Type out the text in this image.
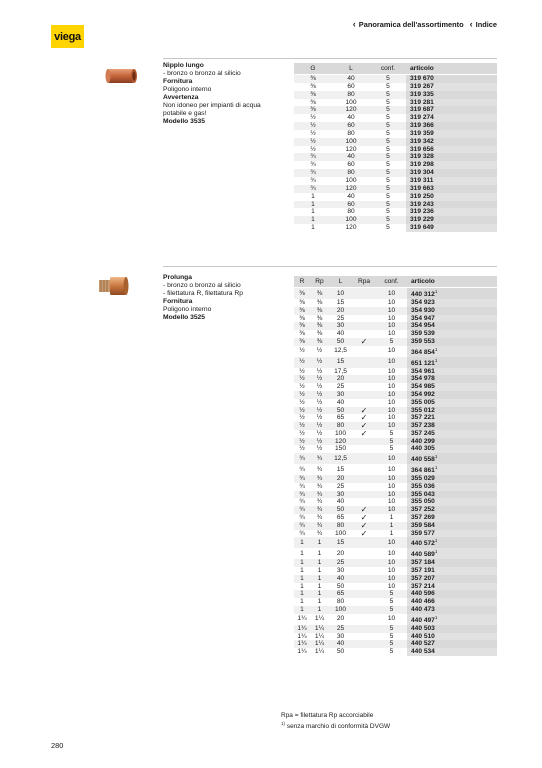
viega
‹ Panoramica dell'assortimento	‹ Indice
Nipplo lungo
- bronzo o bronzo al silicio
Fornitura
Poligono interno
Avvertenza
Non idoneo per impianti di acqua potabile e gas!
Modello 3535
G	L	conf.	articolo
⅜	40	5	319 670
⅜	60	5	319 267
⅜	80	5	319 335
⅜	100	5	319 281
⅜	120	5	319 687
½	40	5	319 274
½	60	5	319 366
½	80	5	319 359
½	100	5	319 342
½	120	5	319 656
¾	40	5	319 328
¾	60	5	319 298
¾	80	5	319 304
¾	100	5	319 311
¾	120	5	319 663
1	40	5	319 250
1	60	5	319 243
1	80	5	319 236
1	100	5	319 229
1	120	5	319 649
Prolunga
- bronzo o bronzo al silicio
- filettatura R, filettatura Rp
Fornitura
Poligono interno
Modello 3525
R	Rp	L	Rpa	conf.	articolo
⅜	⅜	10		10	440 $312^1$
⅜	⅜	15		10	354 923
⅜	⅜	20		10	354 930
⅜	⅜	25		10	354 947
⅜	⅜	30		10	354 954
⅜	⅜	40		10	359 539
⅜	⅜	50	✓	5	359 553
½	½	12,5		10	364 $854^1$
½	½	15		10	651 $121^1$
½	½	17,5		10	354 961
½	½	20		10	354 978
½	½	25		10	354 985
½	½	30		10	354 992
½	½	40		10	355 005
½	½	50	✓	10	355 012
½	½	65	✓	10	357 221
½	½	80	✓	10	357 238
½	½	100	✓	5	357 245
½	½	120		5	440 299
½	½	150		5	440 305
¾	¾	12,5		10	440 $558^1$
¾	¾	15		10	364 $861^1$
¾	¾	20		10	355 029
¾	¾	25		10	355 036
¾	¾	30		10	355 043
¾	¾	40		10	355 050
¾	¾	50	✓	10	357 252
¾	¾	65	✓	1	357 269
¾	¾	80	✓	1	359 584
¾	¾	100	✓	1	359 577
1	1	15		10	440 $572^1$
1	1	20		10	440 $589^1$
1	1	25		10	357 184
1	1	30		10	357 191
1	1	40		10	357 207
1	1	50		10	357 214
1	1	65		5	440 596
1	1	80		5	440 466
1	1	100		5	440 473
1¼	1¼	20		10	440 $497^1$
1¼	1¼	25		5	440 503
1¼	1¼	30		5	440 510
1¼	1¼	40		5	440 527
1¼	1¼	50		5	440 534
Rpa = filettatura Rp accorciabile
$^{1)}$ senza marchio di conformità DVGW
280
